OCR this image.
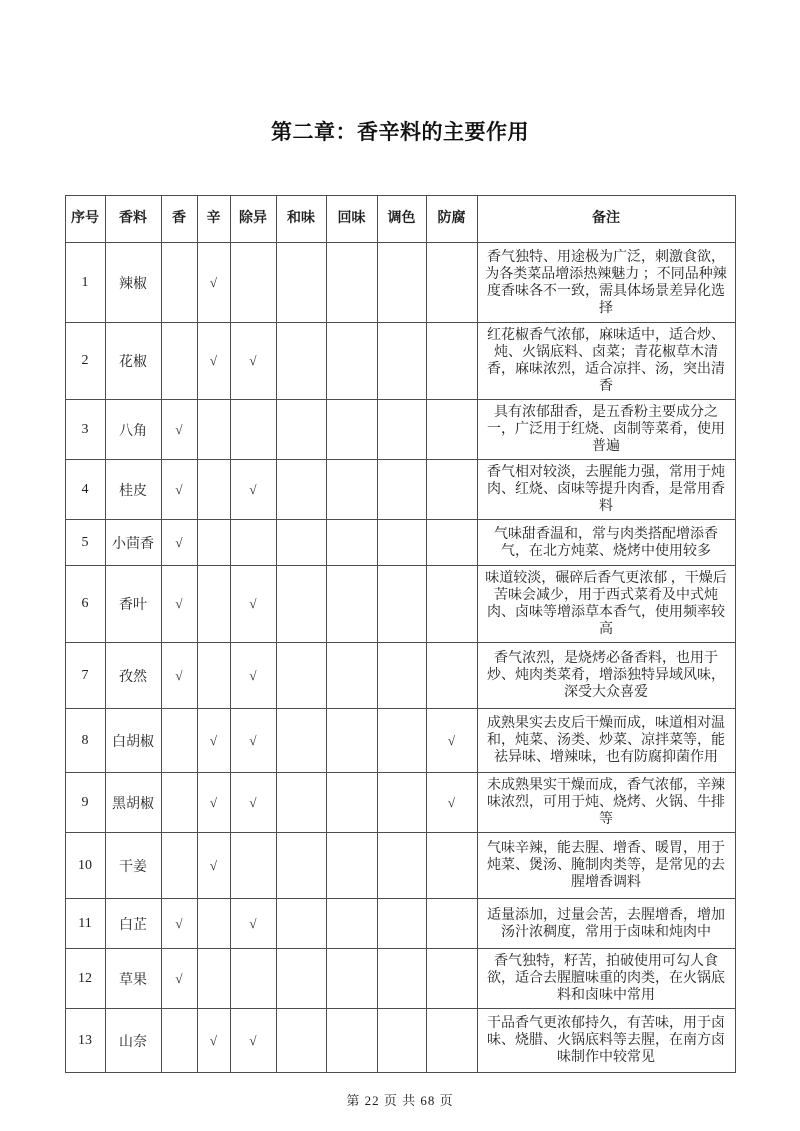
第二章：香辛料的主要作用
序号	香料	香	辛	除异	和味	回味	调色	防腐	备注
1	辣椒		√						香气独特、用途极为广泛，刺激食欲，为各类菜品增添热辣魅力 ；不同品种辣度香味各不一致，需具体场景差异化选择
2	花椒		√	√					红花椒香气浓郁，麻味适中，适合炒、炖、火锅底料、卤菜；青花椒草木清香，麻味浓烈，适合凉拌、汤，突出清香
3	八角	√							具有浓郁甜香，是五香粉主要成分之一，广泛用于红烧、卤制等菜肴，使用普遍
4	桂皮	√		√					香气相对较淡，去腥能力强，常用于炖肉、红烧、卤味等提升肉香，是常用香料
5	小茴香	√							气味甜香温和，常与肉类搭配增添香气，在北方炖菜、烧烤中使用较多
6	香叶	√		√					味道较淡，碾碎后香气更浓郁 ，干燥后苦味会减少，用于西式菜肴及中式炖肉、卤味等增添草本香气，使用频率较高
7	孜然	√		√					香气浓烈，是烧烤必备香料，也用于炒、炖肉类菜肴，增添独特异域风味，深受大众喜爱
8	白胡椒		√	√				√	成熟果实去皮后干燥而成，味道相对温和，炖菜、汤类、炒菜、凉拌菜等，能祛异味、增辣味，也有防腐抑菌作用
9	黑胡椒		√	√				√	未成熟果实干燥而成，香气浓郁，辛辣味浓烈，可用于炖、烧烤、火锅、牛排 等
10	干姜		√						气味辛辣，能去腥、增香、暖胃，用于炖菜、煲汤、腌制肉类等，是常见的去腥增香调料
11	白芷	√		√					适量添加，过量会苦，去腥增香，增加汤汁浓稠度，常用于卤味和炖肉中
12	草果	√							香气独特，籽苦，拍破使用可勾人食欲，适合去腥膻味重的肉类，在火锅底料和卤味中常用
13	山奈		√	√					干品香气更浓郁持久，有苦味，用于卤味、烧腊、火锅底料等去腥，在南方卤味制作中较常见
第 22 页 共 68 页
